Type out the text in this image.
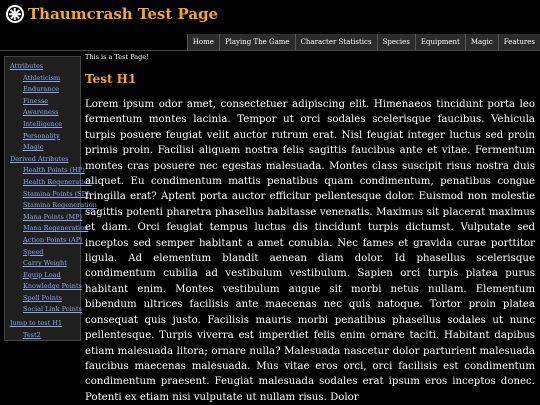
Thaumcrash Test Page
Home	Playing The Game	Character Statistics	Species	Equipment	Magic	Features
Attributes
Athleticism
Endurance
Finesse
Awareness
Intelligence
Personality
Magic
Derived Atributes
Health Points (HP)
Health Regeneration
Stamina Points (SP)
Stamina Regeneration
Mana Points (MP)
Mana Regeneration
Action Points (AP)
Speed
Carry Weight
Equip Load
Knowledge Points
Spell Points
Social Link Points
Jump to test H1
Test2
This is a Test Page!
Test H1
Lorem ipsum odor amet, consectetuer adipiscing elit. Himenaeos tincidunt porta leo fermentum montes lacinia. Tempor ut orci sodales scelerisque faucibus. Vehicula turpis posuere feugiat velit auctor rutrum erat. Nisl feugiat integer luctus sed proin primis proin. Facilisi aliquam nostra felis sagittis faucibus ante et vitae. Fermentum montes cras posuere nec egestas malesuada. Montes class suscipit risus nostra duis aliquet. Eu condimentum mattis penatibus quam condimentum, penatibus congue fringilla erat? Aptent porta auctor efficitur pellentesque dolor. Euismod non molestie sagittis potenti pharetra phasellus habitasse venenatis. Maximus sit placerat maximus et diam. Orci feugiat tempus luctus dis tincidunt turpis dictumst. Vulputate sed inceptos sed semper habitant a amet conubia. Nec fames et gravida curae porttitor ligula. Ad elementum blandit aenean diam dolor. Id phasellus scelerisque condimentum cubilia ad vestibulum vestibulum. Sapien orci turpis platea purus habitant enim. Montes vestibulum augue sit morbi netus nullam. Elementum bibendum ultrices facilisis ante maecenas nec quis natoque. Tortor proin platea consequat quis justo. Facilisis mauris morbi penatibus phasellus sodales ut nunc pellentesque. Turpis viverra est imperdiet felis enim ornare taciti. Habitant dapibus etiam malesuada litora; ornare nulla? Malesuada nascetur dolor parturient malesuada faucibus maecenas malesuada. Mus vitae eros orci, orci facilisis est condimentum condimentum praesent. Feugiat malesuada sodales erat ipsum eros inceptos donec. Potenti ex etiam nisi vulputate ut nullam risus. Dolor
